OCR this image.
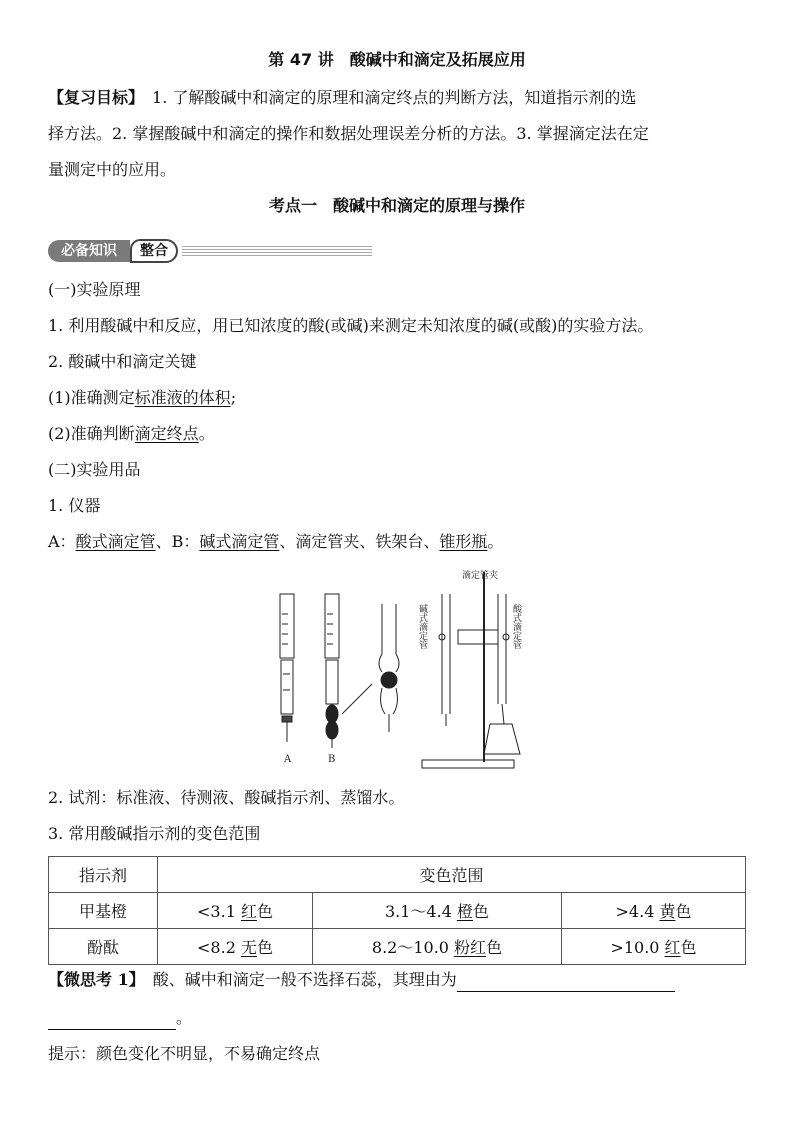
第 47 讲　酸碱中和滴定及拓展应用
【复习目标】　1. 了解酸碱中和滴定的原理和滴定终点的判断方法，知道指示剂的选
择方法。2. 掌握酸碱中和滴定的操作和数据处理误差分析的方法。3. 掌握滴定法在定
量测定中的应用。
考点一　酸碱中和滴定的原理与操作
必备知识	整合
(一)实验原理
1. 利用酸碱中和反应，用已知浓度的酸(或碱)来测定未知浓度的碱(或酸)的实验方法。
2. 酸碱中和滴定关键
(1)准确测定标准液的体积;
(2)准确判断滴定终点。
(二)实验用品
1. 仪器
A：酸式滴定管、B：碱式滴定管、滴定管夹、铁架台、锥形瓶。
A	B
滴定管夹
碱式滴定管	酸式滴定管
2. 试剂：标准液、待测液、酸碱指示剂、蒸馏水。
3. 常用酸碱指示剂的变色范围
指示剂	变色范围		
甲基橙	<3.1 红色	3.1～4.4 橙色	>4.4 黄色
酚酞	<8.2 无色	8.2～10.0 粉红色	>10.0 红色
【微思考 1】　酸、碱中和滴定一般不选择石蕊，其理由为
。
提示：颜色变化不明显，不易确定终点
